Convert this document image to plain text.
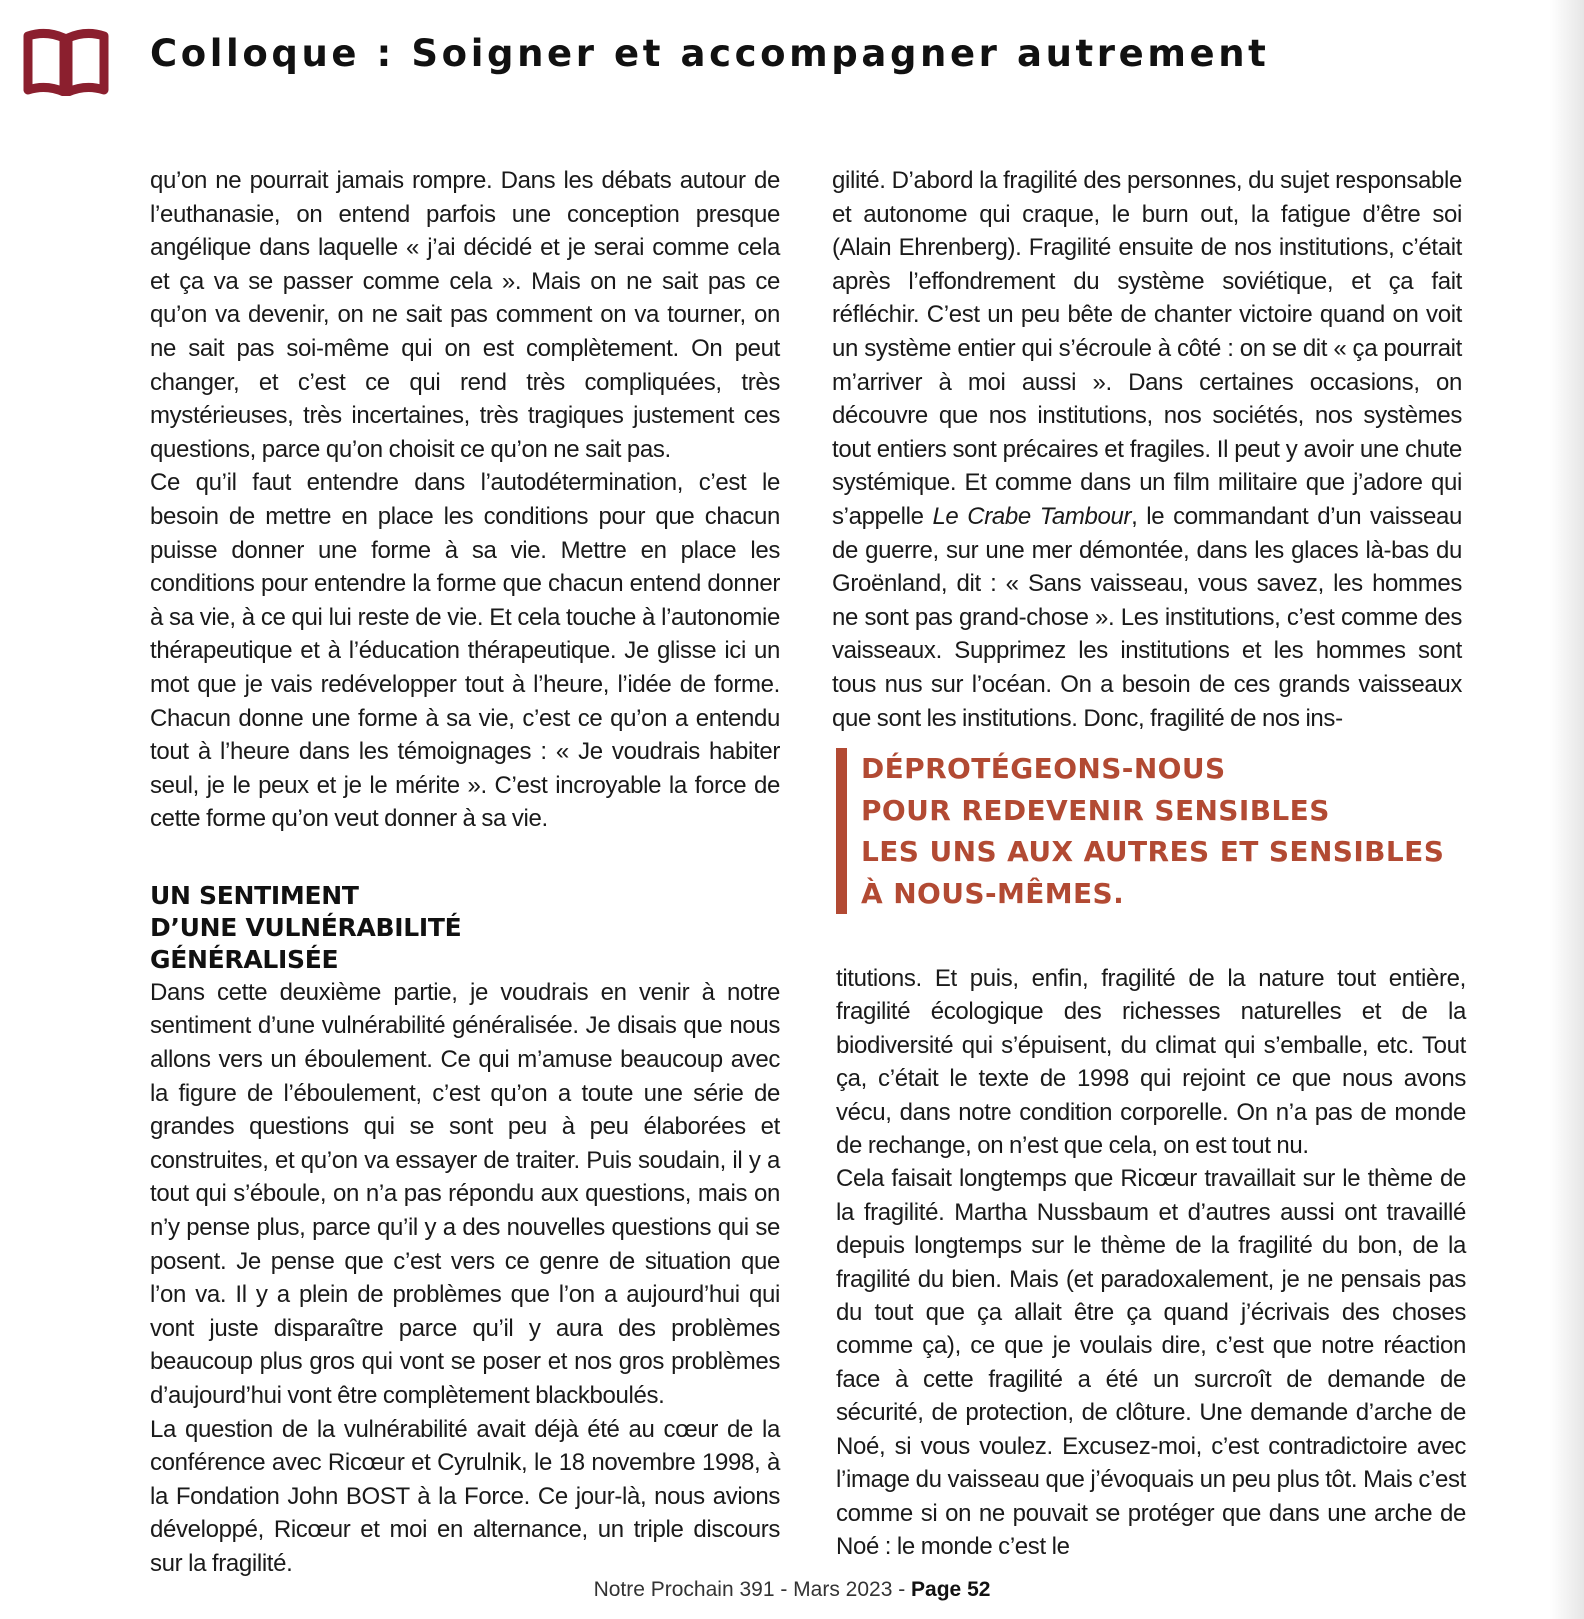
Colloque : Soigner et accompagner autrement

qu’on ne pourrait jamais rompre. Dans les débats autour de l’euthanasie, on entend parfois une conception presque angélique dans laquelle « j’ai décidé et je serai comme cela et ça va se passer comme cela ». Mais on ne sait pas ce qu’on va devenir, on ne sait pas comment on va tourner, on ne sait pas soi-même qui on est complètement. On peut changer, et c’est ce qui rend très compliquées, très mystérieuses, très incertaines, très tragiques justement ces questions, parce qu’on choisit ce qu’on ne sait pas.

Ce qu’il faut entendre dans l’autodétermination, c’est le besoin de mettre en place les conditions pour que chacun puisse donner une forme à sa vie. Mettre en place les conditions pour entendre la forme que chacun entend donner à sa vie, à ce qui lui reste de vie. Et cela touche à l’autonomie thérapeutique et à l’éducation thérapeutique. Je glisse ici un mot que je vais redévelopper tout à l’heure, l’idée de forme. Chacun donne une forme à sa vie, c’est ce qu’on a entendu tout à l’heure dans les témoignages : « Je voudrais habiter seul, je le peux et je le mérite ». C’est incroyable la force de cette forme qu’on veut donner à sa vie.

UN SENTIMENT
D’UNE VULNÉRABILITÉ
GÉNÉRALISÉE

Dans cette deuxième partie, je voudrais en venir à notre sentiment d’une vulnérabilité généralisée. Je disais que nous allons vers un éboulement. Ce qui m’amuse beaucoup avec la figure de l’éboulement, c’est qu’on a toute une série de grandes questions qui se sont peu à peu élaborées et construites, et qu’on va essayer de traiter. Puis soudain, il y a tout qui s’éboule, on n’a pas répondu aux questions, mais on n’y pense plus, parce qu’il y a des nouvelles questions qui se posent. Je pense que c’est vers ce genre de situation que l’on va. Il y a plein de problèmes que l’on a aujourd’hui qui vont juste disparaître parce qu’il y aura des problèmes beaucoup plus gros qui vont se poser et nos gros problèmes d’aujourd’hui vont être complètement blackboulés.

La question de la vulnérabilité avait déjà été au cœur de la conférence avec Ricœur et Cyrulnik, le 18 novembre 1998, à la Fondation John BOST à la Force. Ce jour-là, nous avions développé, Ricœur et moi en alternance, un triple discours sur la fragilité.

gilité. D’abord la fragilité des personnes, du sujet responsable et autonome qui craque, le burn out, la fatigue d’être soi (Alain Ehrenberg). Fragilité ensuite de nos institutions, c’était après l’effondrement du système soviétique, et ça fait réfléchir. C’est un peu bête de chanter victoire quand on voit un système entier qui s’écroule à côté : on se dit « ça pourrait m’arriver à moi aussi ». Dans certaines occasions, on découvre que nos institutions, nos sociétés, nos systèmes tout entiers sont précaires et fragiles. Il peut y avoir une chute systémique. Et comme dans un film militaire que j’adore qui s’appelle Le Crabe Tambour, le commandant d’un vaisseau de guerre, sur une mer démontée, dans les glaces là-bas du Groënland, dit : « Sans vaisseau, vous savez, les hommes ne sont pas grand-chose ». Les institutions, c’est comme des vaisseaux. Supprimez les institutions et les hommes sont tous nus sur l’océan. On a besoin de ces grands vaisseaux que sont les institutions. Donc, fragilité de nos ins-

DÉPROTÉGEONS-NOUS
POUR REDEVENIR SENSIBLES
LES UNS AUX AUTRES ET SENSIBLES
À NOUS-MÊMES.

titutions. Et puis, enfin, fragilité de la nature tout entière, fragilité écologique des richesses naturelles et de la biodiversité qui s’épuisent, du climat qui s’emballe, etc. Tout ça, c’était le texte de 1998 qui rejoint ce que nous avons vécu, dans notre condition corporelle. On n’a pas de monde de rechange, on n’est que cela, on est tout nu.

Cela faisait longtemps que Ricœur travaillait sur le thème de la fragilité. Martha Nussbaum et d’autres aussi ont travaillé depuis longtemps sur le thème de la fragilité du bon, de la fragilité du bien. Mais (et paradoxalement, je ne pensais pas du tout que ça allait être ça quand j’écrivais des choses comme ça), ce que je voulais dire, c’est que notre réaction face à cette fragilité a été un surcroît de demande de sécurité, de protection, de clôture. Une demande d’arche de Noé, si vous voulez. Excusez-moi, c’est contradictoire avec l’image du vaisseau que j’évoquais un peu plus tôt. Mais c’est comme si on ne pouvait se protéger que dans une arche de Noé : le monde c’est le

Notre Prochain 391 - Mars 2023 - Page 52
